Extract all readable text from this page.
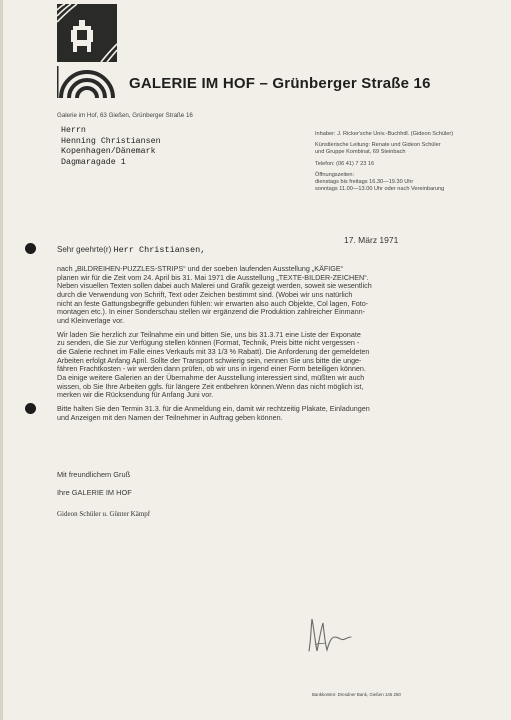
GALERIE IM HOF – Grünberger Straße 16
Galerie im Hof, 63 Gießen, Grünberger Straße 16
Herrn
Henning Christiansen
Kopenhagen/Dänemark
Dagmaragade 1
Inhaber: J. Ricker'sche Univ.-Buchhdl. (Gideon Schüler)
Künstlerische Leitung: Renate und Gideon Schüler
und Gruppe Kombinat, 69 Steinbach
Telefon: (06 41) 7 23 16
Öffnungszeiten:
dienstags bis freitags 16.30—19.30 Uhr
sonntags 11.00—13.00 Uhr oder nach Vereinbarung
17. März 1971
Sehr geehrte(r) Herr Christiansen,

nach „BILDREIHEN-PUZZLES-STRIPS“ und der soeben laufenden Ausstellung „KÄFIGE“
planen wir für die Zeit vom 24. April bis 31. Mai 1971 die Ausstellung „TEXTE-BILDER-ZEICHEN“.
Neben visuellen Texten sollen dabei auch Malerei und Grafik gezeigt werden, soweit sie wesentlich
durch die Verwendung von Schrift, Text oder Zeichen bestimmt sind. (Wobei wir uns natürlich
nicht an feste Gattungsbegriffe gebunden fühlen: wir erwarten also auch Objekte, Col lagen, Foto-
montagen etc.). In einer Sonderschau stellen wir ergänzend die Produktion zahlreicher Einmann-
und Kleinverlage vor.

Wir laden Sie herzlich zur Teilnahme ein und bitten Sie, uns bis 31.3.71 eine Liste der Exponate
zu senden, die Sie zur Verfügung stellen können (Format, Technik, Preis bitte nicht vergessen -
die Galerie rechnet im Falle eines Verkaufs mit 33 1/3 % Rabatt). Die Anforderung der gemeldeten
Arbeiten erfolgt Anfang April. Sollte der Transport schwierig sein, nennen Sie uns bitte die unge-
fähren Frachtkosten - wir werden dann prüfen, ob wir uns in irgend einer Form beteiligen können.
Da einige weitere Galerien an der Übernahme der Ausstellung interessiert sind, müßten wir auch
wissen, ob Sie Ihre Arbeiten ggfs. für längere Zeit entbehren können.Wenn das nicht möglich ist,
merken wir die Rücksendung für Anfang Juni vor.

Bitte halten Sie den Termin 31.3. für die Anmeldung ein, damit wir rechtzeitig Plakate, Einladungen
und Anzeigen mit den Namen der Teilnehmer in Auftrag geben können.

Mit freundlichem Gruß
Ihre GALERIE IM HOF
Gideon Schüler u. Günter Kämpf
Bankkonten: Dresdner Bank, Gießen 145 250
